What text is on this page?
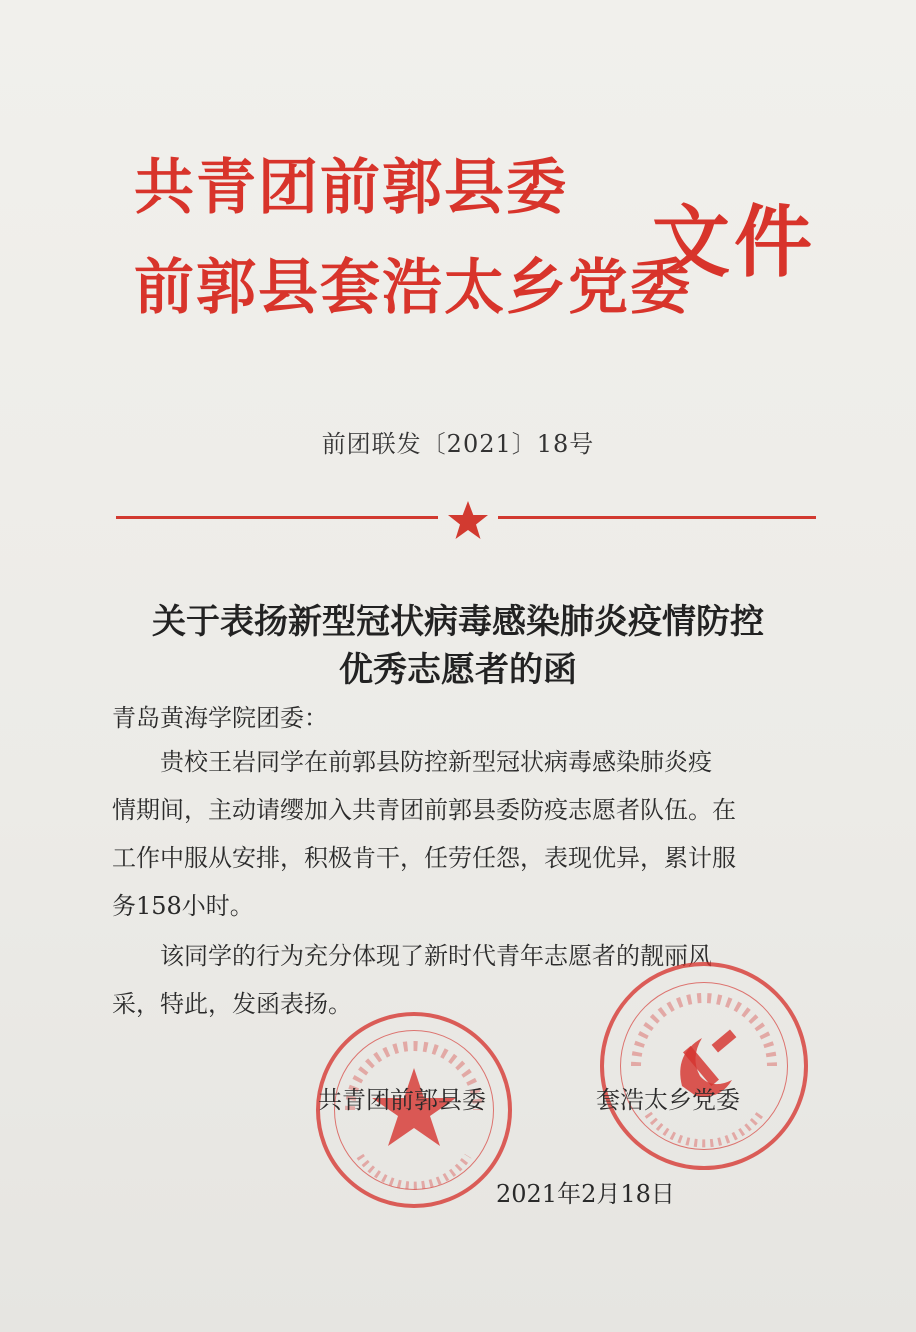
共青团前郭县委
前郭县套浩太乡党委
文件
前团联发〔2021〕18号
关于表扬新型冠状病毒感染肺炎疫情防控
优秀志愿者的函
青岛黄海学院团委：
贵校王岩同学在前郭县防控新型冠状病毒感染肺炎疫
情期间，主动请缨加入共青团前郭县委防疫志愿者队伍。在
工作中服从安排，积极肯干，任劳任怨，表现优异，累计服
务158小时。
该同学的行为充分体现了新时代青年志愿者的靓丽风
采，特此，发函表扬。
共青团前郭县委	套浩太乡党委
2021年2月18日
